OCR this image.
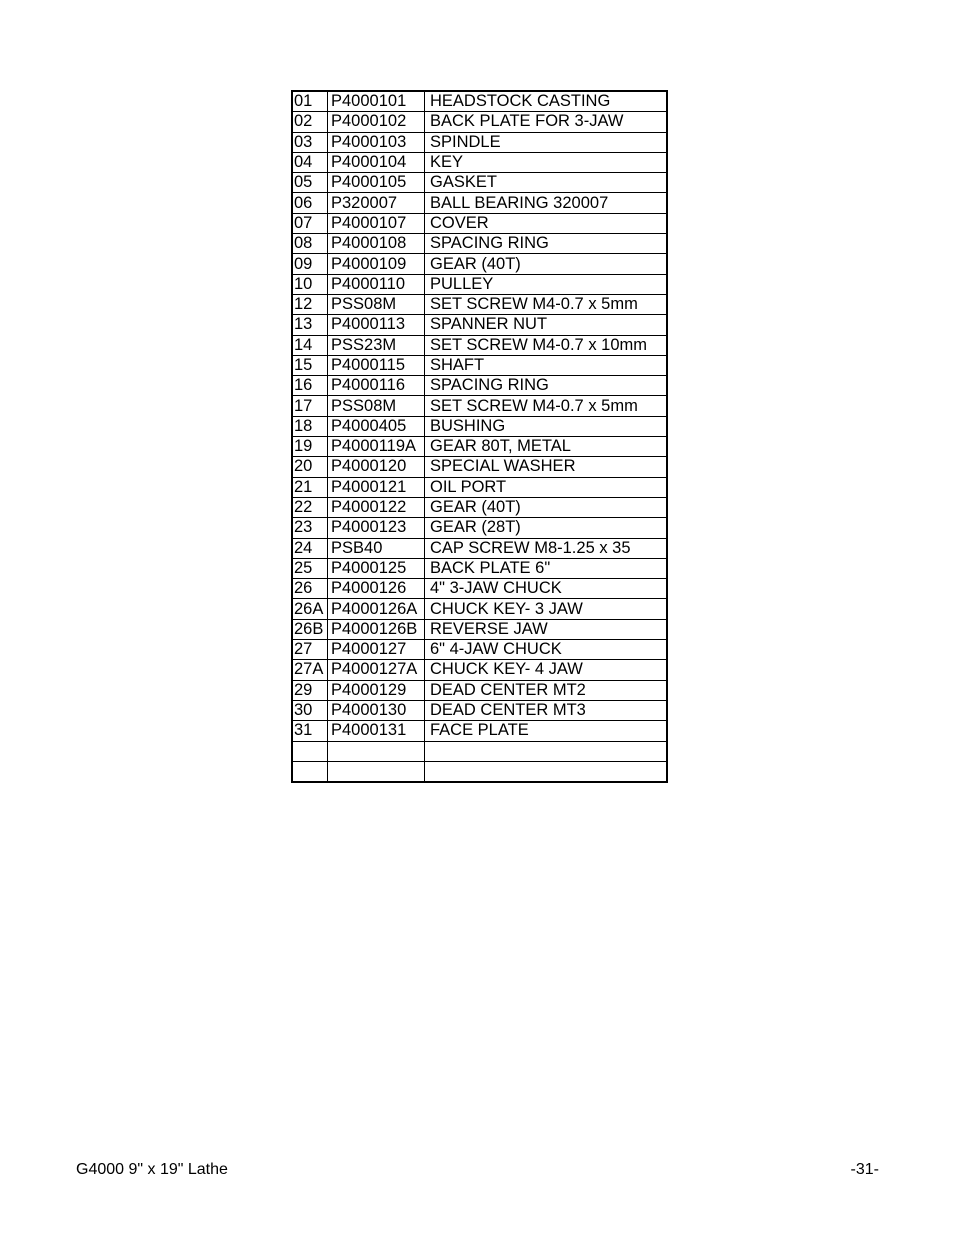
01	P4000101	HEADSTOCK CASTING
02	P4000102	BACK PLATE FOR 3-JAW
03	P4000103	SPINDLE
04	P4000104	KEY
05	P4000105	GASKET
06	P320007	BALL BEARING 320007
07	P4000107	COVER
08	P4000108	SPACING RING
09	P4000109	GEAR (40T)
10	P4000110	PULLEY
12	PSS08M	SET SCREW M4-0.7 x 5mm
13	P4000113	SPANNER NUT
14	PSS23M	SET SCREW M4-0.7 x 10mm
15	P4000115	SHAFT
16	P4000116	SPACING RING
17	PSS08M	SET SCREW M4-0.7 x 5mm
18	P4000405	BUSHING
19	P4000119A	GEAR 80T, METAL
20	P4000120	SPECIAL WASHER
21	P4000121	OIL PORT
22	P4000122	GEAR (40T)
23	P4000123	GEAR (28T)
24	PSB40	CAP SCREW M8-1.25 x 35
25	P4000125	BACK PLATE 6"
26	P4000126	4" 3-JAW CHUCK
26A	P4000126A	CHUCK KEY- 3 JAW
26B	P4000126B	REVERSE JAW
27	P4000127	6" 4-JAW CHUCK
27A	P4000127A	CHUCK KEY- 4 JAW
29	P4000129	DEAD CENTER MT2
30	P4000130	DEAD CENTER MT3
31	P4000131	FACE PLATE

G4000 9" x 19" Lathe	-31-
